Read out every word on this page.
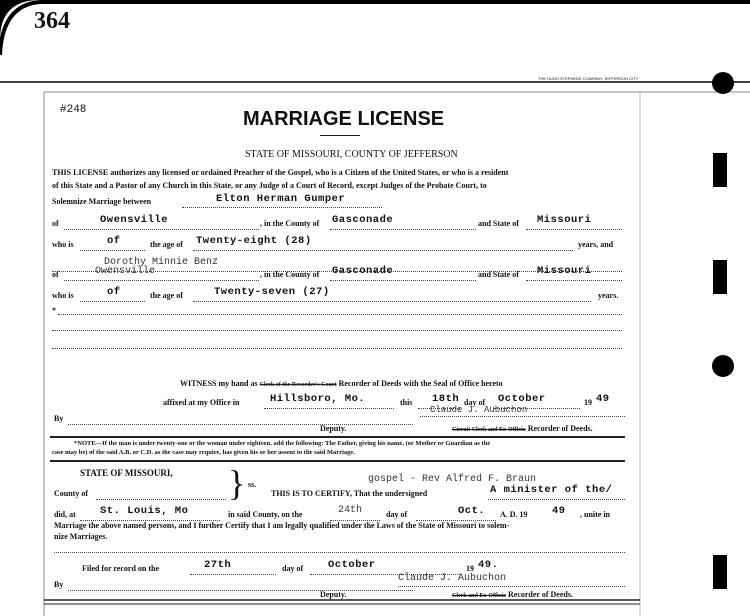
364
THE HUGH STEPHENS COMPANY, JEFFERSON CITY
#248	MARRIAGE LICENSE
STATE OF MISSOURI, COUNTY OF JEFFERSON
THIS LICENSE authorizes any licensed or ordained Preacher of the Gospel, who is a Citizen of the United States, or who is a resident
of this State and a Pastor of any Church in this State, or any Judge of a Court of Record, except Judges of the Probate Court, to
Solemnize Marriage between	Elton Herman Gumper
of	Owensville	, in the County of Gasconade	and State of Missouri
who is	of	the age of Twenty-eight (28)	years, and
Dorothy Minnie Benz
of	Owensville	, in the County of Gasconade	and State of Missouri
who is	of	the age of	Twenty-seven (27)	years.
*
WITNESS my hand as Clerk of the Recorder's Court Recorder of Deeds with the Seal of Office hereto
affixed at my Office in	Hillsboro, Mo.	this 18th day of October	19 49
Claude J. Aubuchon
By
Deputy.	Circuit Clerk and Ex-Officio Recorder of Deeds.
*NOTE—If the man is under twenty-one or the woman under eighteen, add the following: The Father, giving his name, (or Mother or Guardian as the
case may be) of the said A.B. or C.D. as the case may require, has given his or her assent to the said Marriage.
STATE OF MISSOURI, } ss.	gospel - Rev Alfred F. Braun
County of	THIS IS TO CERTIFY, That the undersigned	A minister of the/
did, at St. Louis, Mo	in said County, on the	24th	day of	Oct. A. D. 19 49 , unite in
Marriage the above named persons, and I further Certify that I am legally qualified under the Laws of the State of Missouri to solem-
nize Marriages.
Filed for record on the	27th	day of October	19 49.
Claude J. Aubuchon
By
Deputy.	Clerk and Ex-Officio Recorder of Deeds.
